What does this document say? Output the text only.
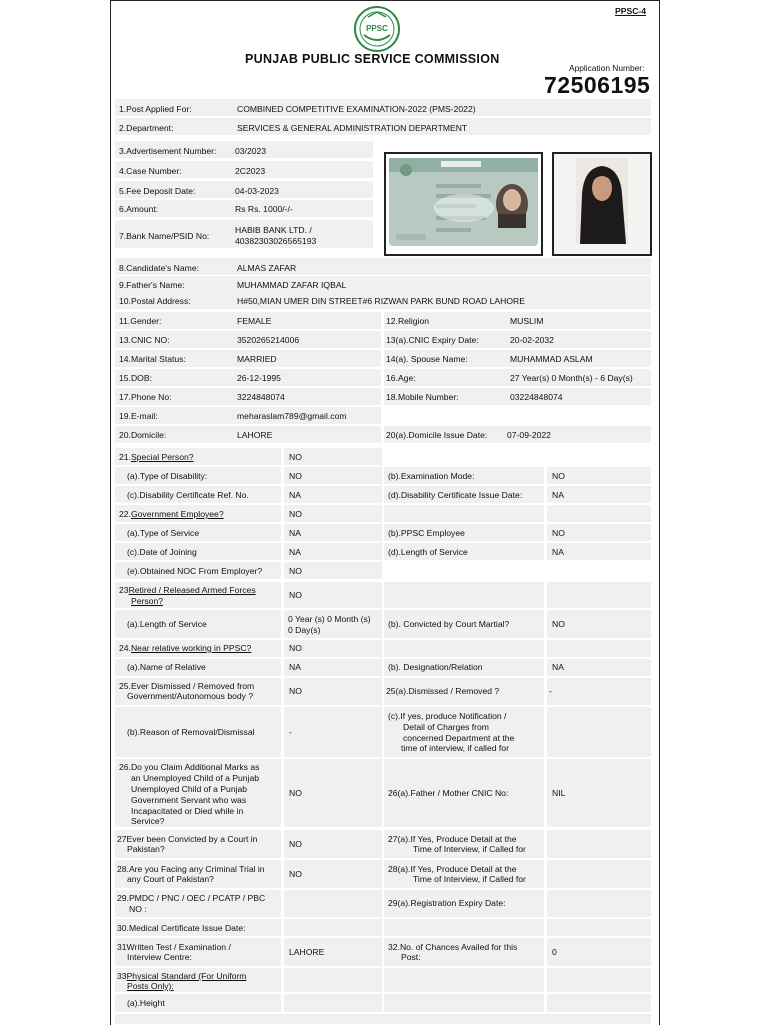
PPSC-4
PPSC
PUNJAB PUBLIC SERVICE COMMISSION
Application Number:
72506195
1.Post Applied For:	COMBINED COMPETITIVE EXAMINATION-2022 (PMS-2022)
2.Department:	SERVICES & GENERAL ADMINISTRATION DEPARTMENT
3.Advertisement Number: 03/2023
4.Case Number:	2C2023
5.Fee Deposit Date:	04-03-2023
6.Amount:	Rs Rs. 1000/-/-
7.Bank Name/PSID No:
HABIB BANK LTD. /
40382303026565193
8.Candidate's Name:	ALMAS ZAFAR
9.Father's Name:	MUHAMMAD ZAFAR IQBAL
10.Postal Address:	H#50,MIAN UMER DIN STREET#6 RIZWAN PARK BUND ROAD LAHORE
11.Gender:	FEMALE	12.Religion	MUSLIM
13.CNIC NO:	3520265214006	13(a).CNIC Expiry Date:	20-02-2032
14.Marital Status:	MARRIED	14(a). Spouse Name:	MUHAMMAD ASLAM
15.DOB:	26-12-1995	16.Age:	27 Year(s) 0 Month(s) - 6 Day(s)
17.Phone No:	3224848074	18.Mobile Number:	03224848074
19.E-mail:	meharaslam789@gmail.com
20.Domicile:	LAHORE	20(a).Domicile Issue Date: 07-09-2022
21.Special Person?	NO
(a).Type of Disability:	NO	(b).Examination Mode:	NO
(c).Disability Certificate Ref. No.	NA	(d).Disability Certificate Issue Date:	NA
22.Government Employee?	NO
(a).Type of Service	NA	(b).PPSC Employee	NO
(c).Date of Joining	NA	(d).Length of Service	NA
(e).Obtained NOC From Employer?	NO
23Retired / Released Armed Forces
Person?
NO
(a).Length of Service	0 Year (s) 0 Month (s)
0 Day(s)
(b). Convicted by Court Martial?	NO
24.Near relative working in PPSC?	NO
(a).Name of Relative	NA	(b). Designation/Relation	NA
25.Ever Dismissed / Removed from
Government/Autonomous body ?	NO	25(a).Dismissed / Removed ?	-
(b).Reason of Removal/Dismissal	-
(c).If yes, produce Notification /
Detail of Charges from
concerned Department at the
time of interview, if called for
26.Do you Claim Additional Marks as
an Unemployed Child of a Punjab
Unemployed Child of a Punjab
Government Servant who was
Incapacitated or Died while in
Service?
NO	26(a).Father / Mother CNIC No:	NIL
27Ever been Convicted by a Court in
Pakistan?	NO	27(a).If Yes, Produce Detail at the
Time of Interview, if Called for
28.Are you Facing any Criminal Trial in
any Court of Pakistan?	NO	28(a).If Yes, Produce Detail at the
Time of Interview, if Called for
29.PMDC / PNC / OEC / PCATP / PBC
NO :
29(a).Registration Expiry Date:
30.Medical Certificate Issue Date:
31Written Test / Examination /
Interview Centre:	LAHORE	32.No. of Chances Availed for this
Post:	0
33Physical Standard (For Uniform
Posts Only):
(a).Height
